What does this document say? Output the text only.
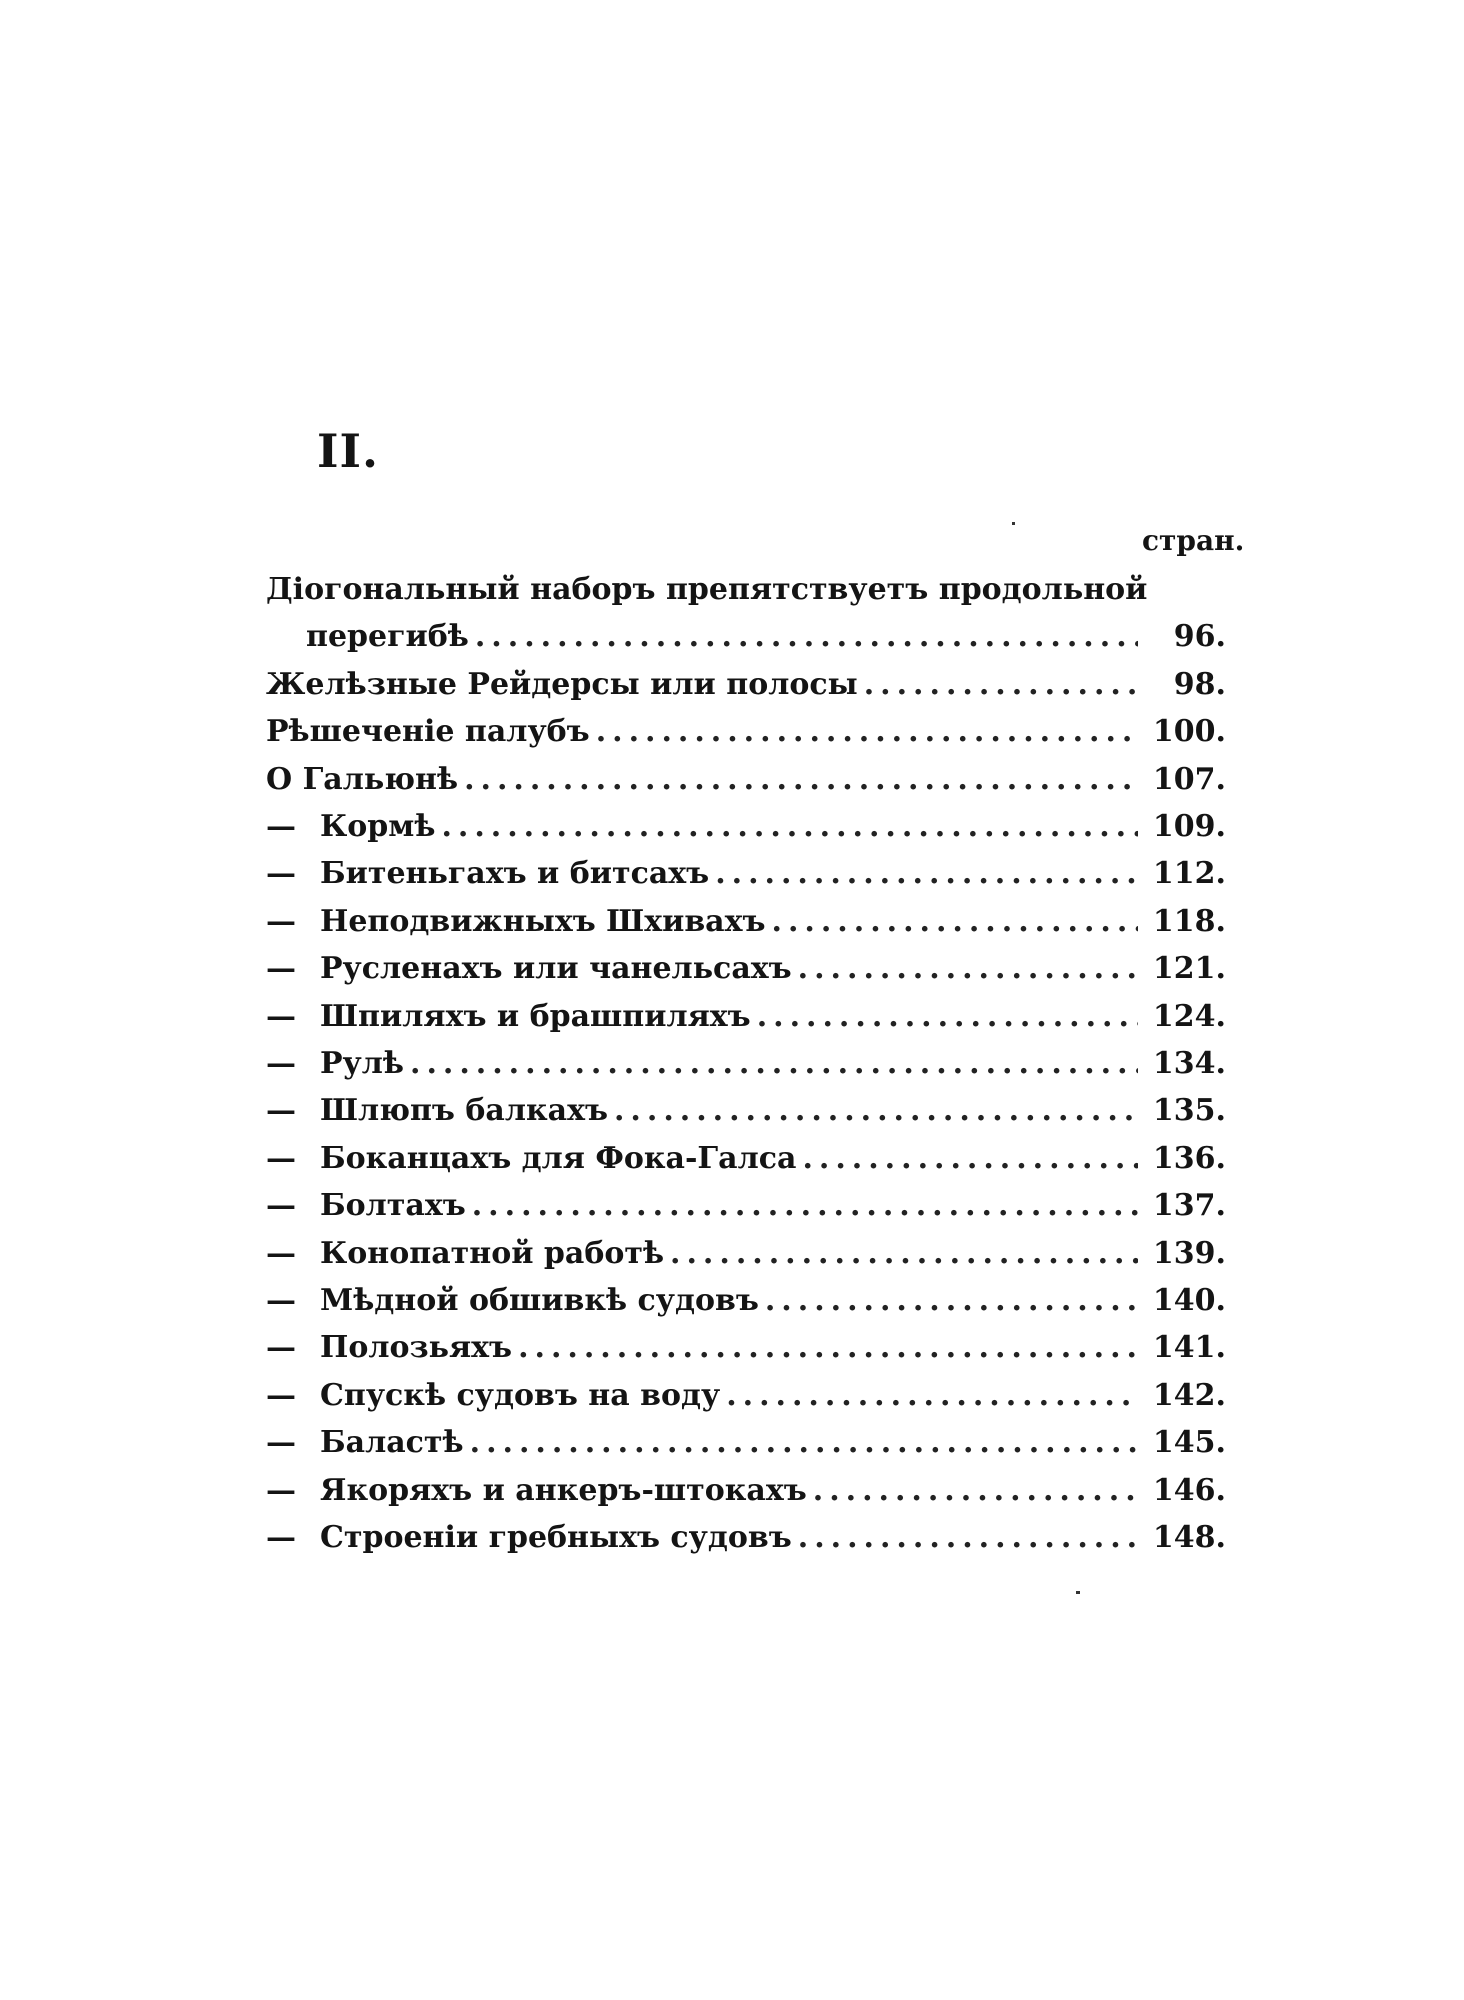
II.
стран.
Діогональный наборъ препятствуетъ продольной
перегибѣ .....	96.
Желѣзные Рейдерсы или полосы .....	98.
Рѣшеченіе палубъ .....	100.
О Гальюнѣ .....	107.
— Кормѣ .....	109.
— Битеньгахъ и битсахъ .....	112.
— Неподвижныхъ Шхивахъ .....	118.
— Русленахъ или чанельсахъ .....	121.
— Шпиляхъ и брашпиляхъ .....	124.
— Рулѣ .....	134.
— Шлюпъ балкахъ .....	135.
— Боканцахъ для Фока-Галса .....	136.
— Болтахъ .....	137.
— Конопатной работѣ .....	139.
— Мѣдной обшивкѣ судовъ .....	140.
— Полозьяхъ .....	141.
— Спускѣ судовъ на воду .....	142.
— Баластѣ .....	145.
— Якоряхъ и анкеръ-штокахъ .....	146.
— Строеніи гребныхъ судовъ .....	148.
